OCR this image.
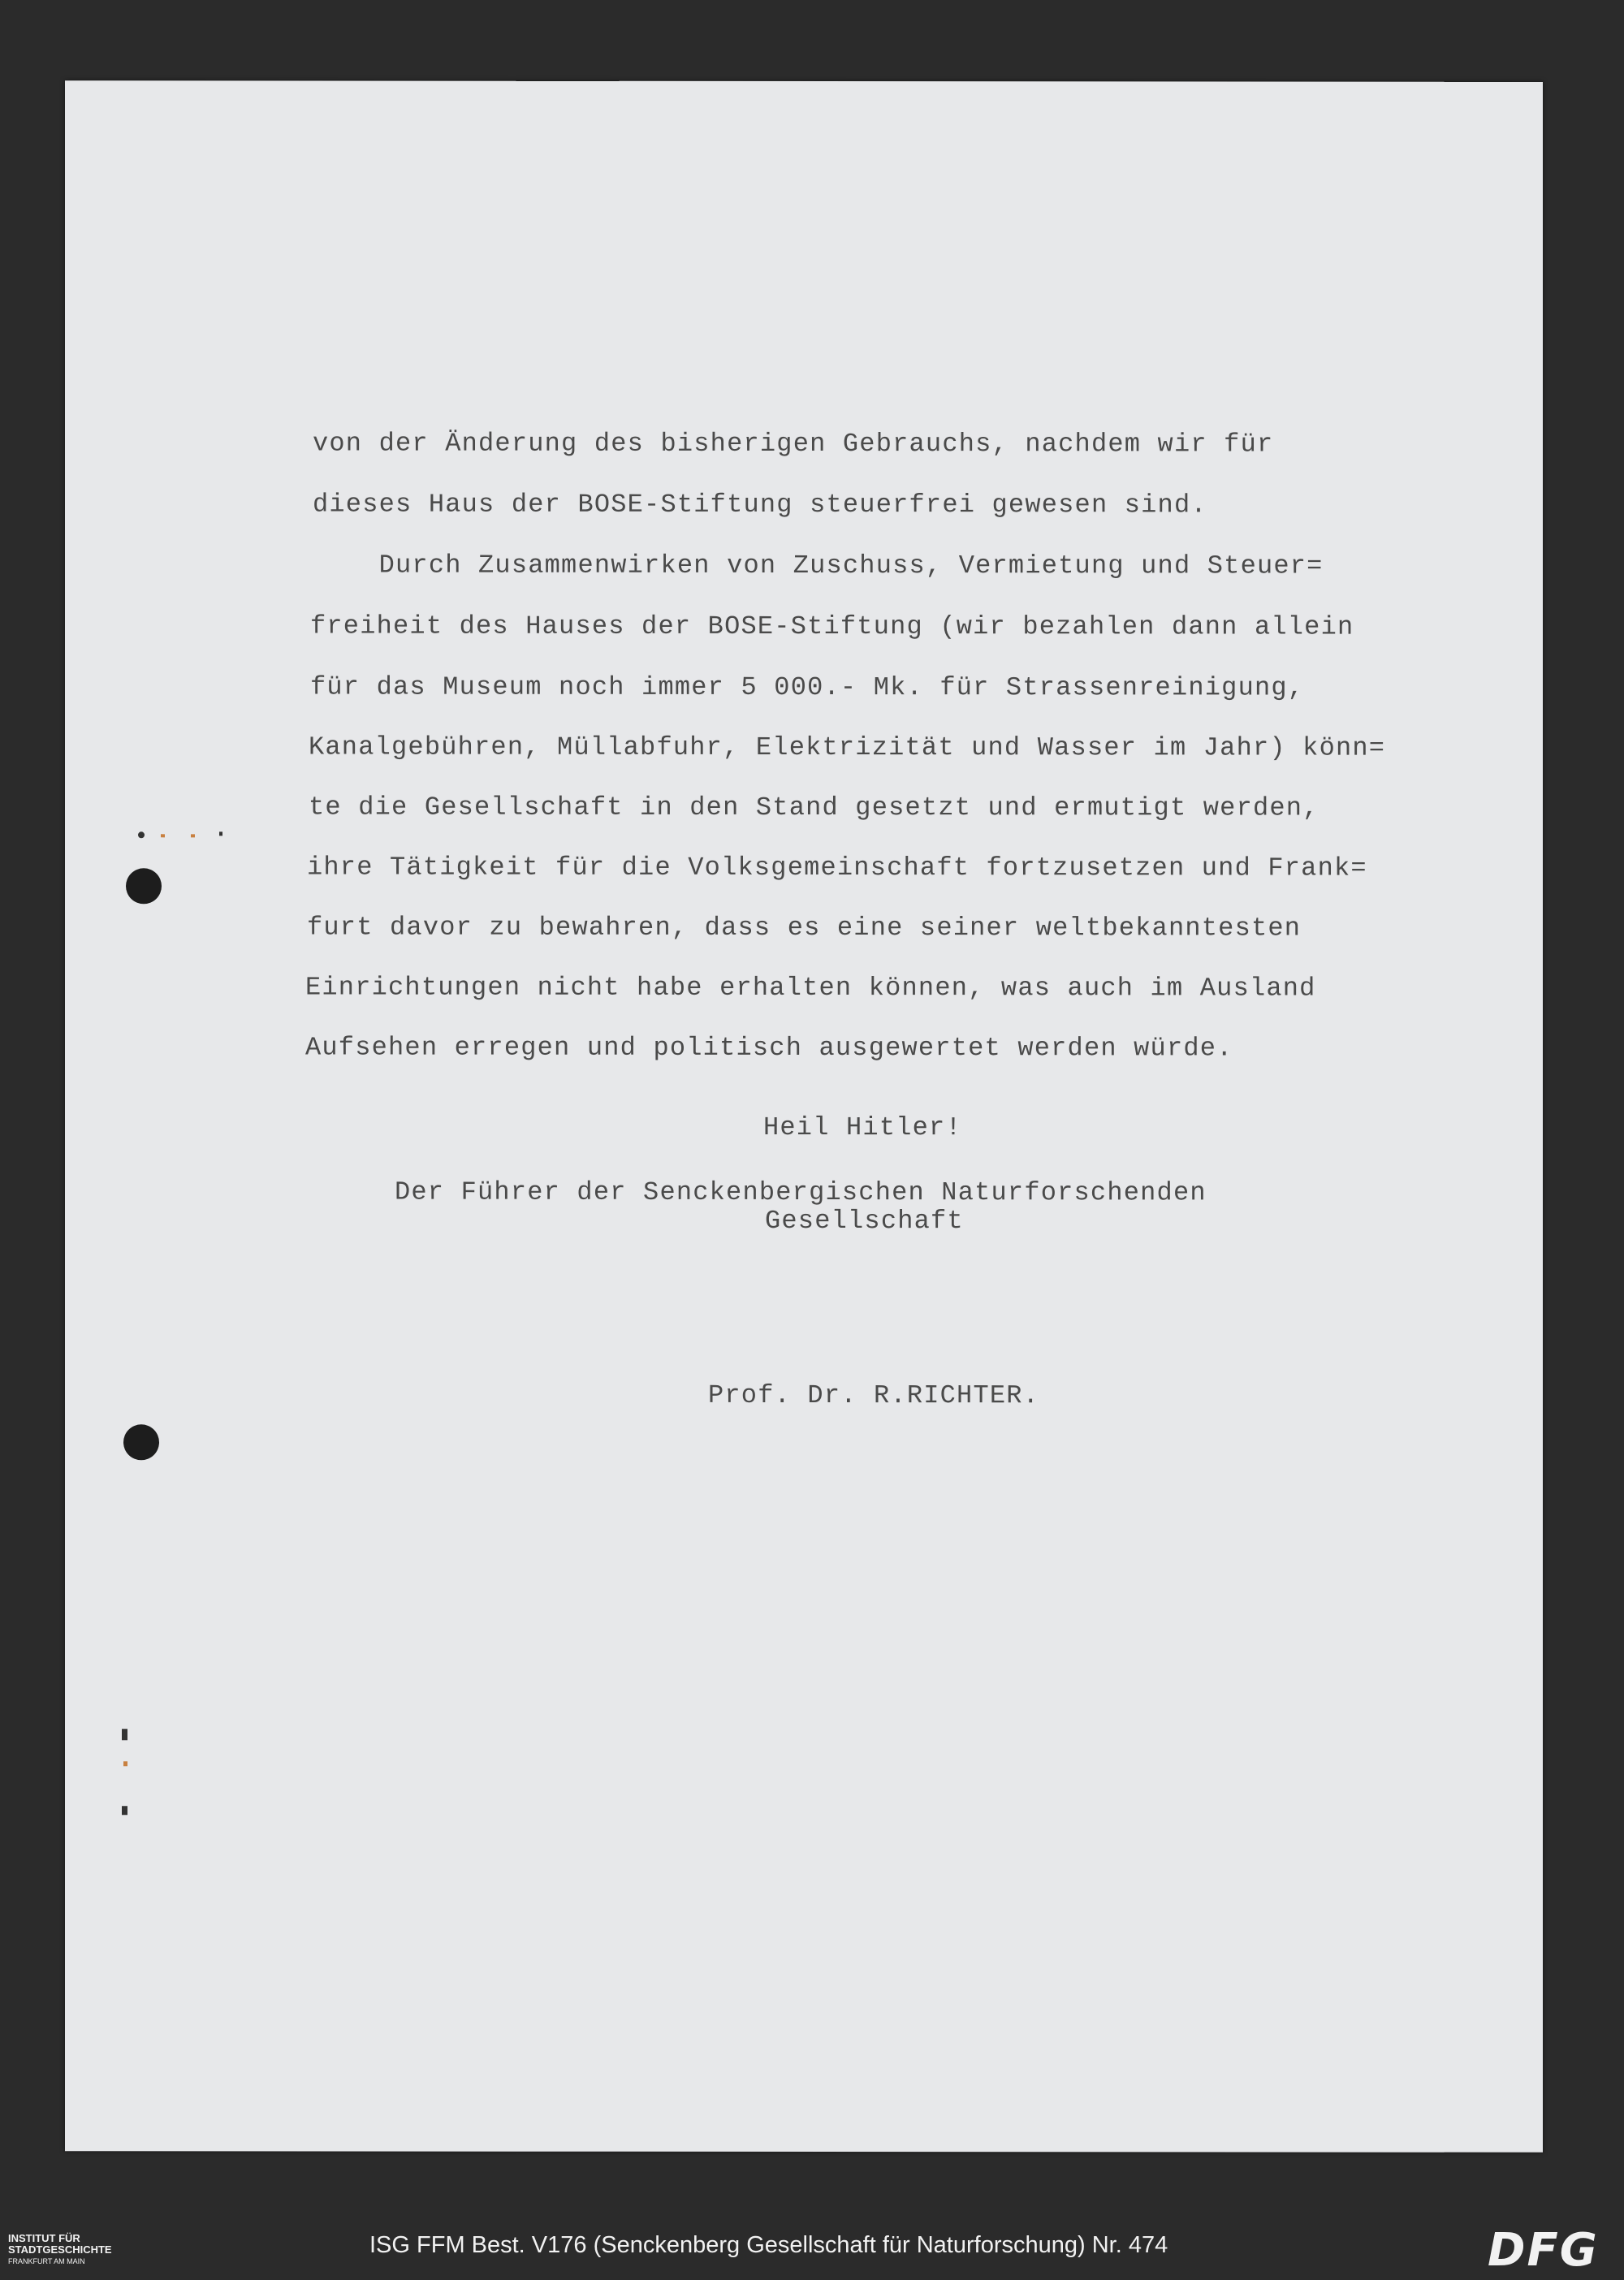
von der Änderung des bisherigen Gebrauchs, nachdem wir für
dieses Haus der BOSE-Stiftung steuerfrei gewesen sind.
Durch Zusammenwirken von Zuschuss, Vermietung und Steuer=
freiheit des Hauses der BOSE-Stiftung (wir bezahlen dann allein
für das Museum noch immer 5 000.- Mk. für Strassenreinigung,
Kanalgebühren, Müllabfuhr, Elektrizität und Wasser im Jahr) könn=
te die Gesellschaft in den Stand gesetzt und ermutigt werden,
ihre Tätigkeit für die Volksgemeinschaft fortzusetzen und Frank=
furt davor zu bewahren, dass es eine seiner weltbekanntesten
Einrichtungen nicht habe erhalten können, was auch im Ausland
Aufsehen erregen und politisch ausgewertet werden würde.
Heil Hitler!
Der Führer der Senckenbergischen Naturforschenden
Gesellschaft
Prof. Dr. R.RICHTER.
INSTITUT FÜR
STADTGESCHICHTE
FRANKFURT AM MAIN
ISG FFM Best. V176 (Senckenberg Gesellschaft für Naturforschung) Nr. 474	DFG
